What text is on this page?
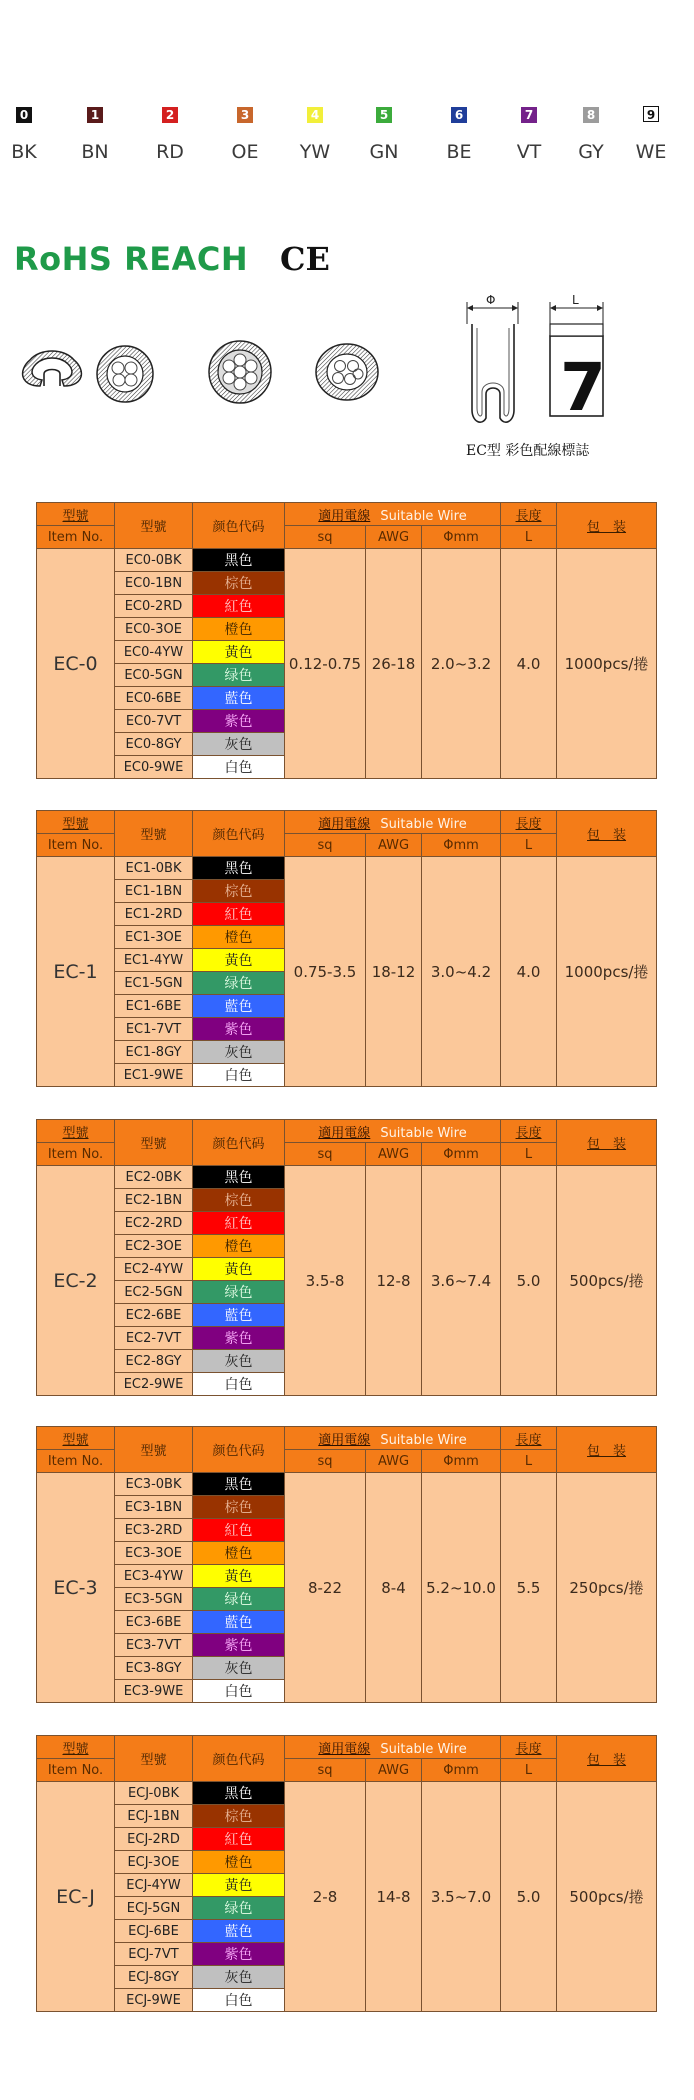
0
BK
1
BN
2
RD
3
OE
4
YW
5
GN
6
BE
7
VT
8
GY
9
WE
RoHS REACH CE
Φ	L
7
EC型 彩色配線標誌
型號	型號	颜色代码	適用電線 Suitable Wire			長度	包　装
Item No.			sq	AWG	Φmm	L	
EC-0	EC0-0BK	黑色	0.12-0.75	26-18	2.0~3.2	4.0	1000pcs/捲
	EC0-1BN	棕色					
	EC0-2RD	紅色					
	EC0-3OE	橙色					
	EC0-4YW	黃色					
	EC0-5GN	绿色					
	EC0-6BE	藍色					
	EC0-7VT	紫色					
	EC0-8GY	灰色					
	EC0-9WE	白色					
型號	型號	颜色代码	適用電線 Suitable Wire			長度	包　装
Item No.			sq	AWG	Φmm	L	
EC-1	EC1-0BK	黑色	0.75-3.5	18-12	3.0~4.2	4.0	1000pcs/捲
	EC1-1BN	棕色					
	EC1-2RD	紅色					
	EC1-3OE	橙色					
	EC1-4YW	黃色					
	EC1-5GN	绿色					
	EC1-6BE	藍色					
	EC1-7VT	紫色					
	EC1-8GY	灰色					
	EC1-9WE	白色					
型號	型號	颜色代码	適用電線 Suitable Wire			長度	包　装
Item No.			sq	AWG	Φmm	L	
EC-2	EC2-0BK	黑色	3.5-8	12-8	3.6~7.4	5.0	500pcs/捲
	EC2-1BN	棕色					
	EC2-2RD	紅色					
	EC2-3OE	橙色					
	EC2-4YW	黃色					
	EC2-5GN	绿色					
	EC2-6BE	藍色					
	EC2-7VT	紫色					
	EC2-8GY	灰色					
	EC2-9WE	白色					
型號	型號	颜色代码	適用電線 Suitable Wire			長度	包　装
Item No.			sq	AWG	Φmm	L	
EC-3	EC3-0BK	黑色	8-22	8-4	5.2~10.0	5.5	250pcs/捲
	EC3-1BN	棕色					
	EC3-2RD	紅色					
	EC3-3OE	橙色					
	EC3-4YW	黃色					
	EC3-5GN	绿色					
	EC3-6BE	藍色					
	EC3-7VT	紫色					
	EC3-8GY	灰色					
	EC3-9WE	白色					
型號	型號	颜色代码	適用電線 Suitable Wire			長度	包　装
Item No.			sq	AWG	Φmm	L	
EC-J	ECJ-0BK	黑色	2-8	14-8	3.5~7.0	5.0	500pcs/捲
	ECJ-1BN	棕色					
	ECJ-2RD	紅色					
	ECJ-3OE	橙色					
	ECJ-4YW	黃色					
	ECJ-5GN	绿色					
	ECJ-6BE	藍色					
	ECJ-7VT	紫色					
	ECJ-8GY	灰色					
	ECJ-9WE	白色					
